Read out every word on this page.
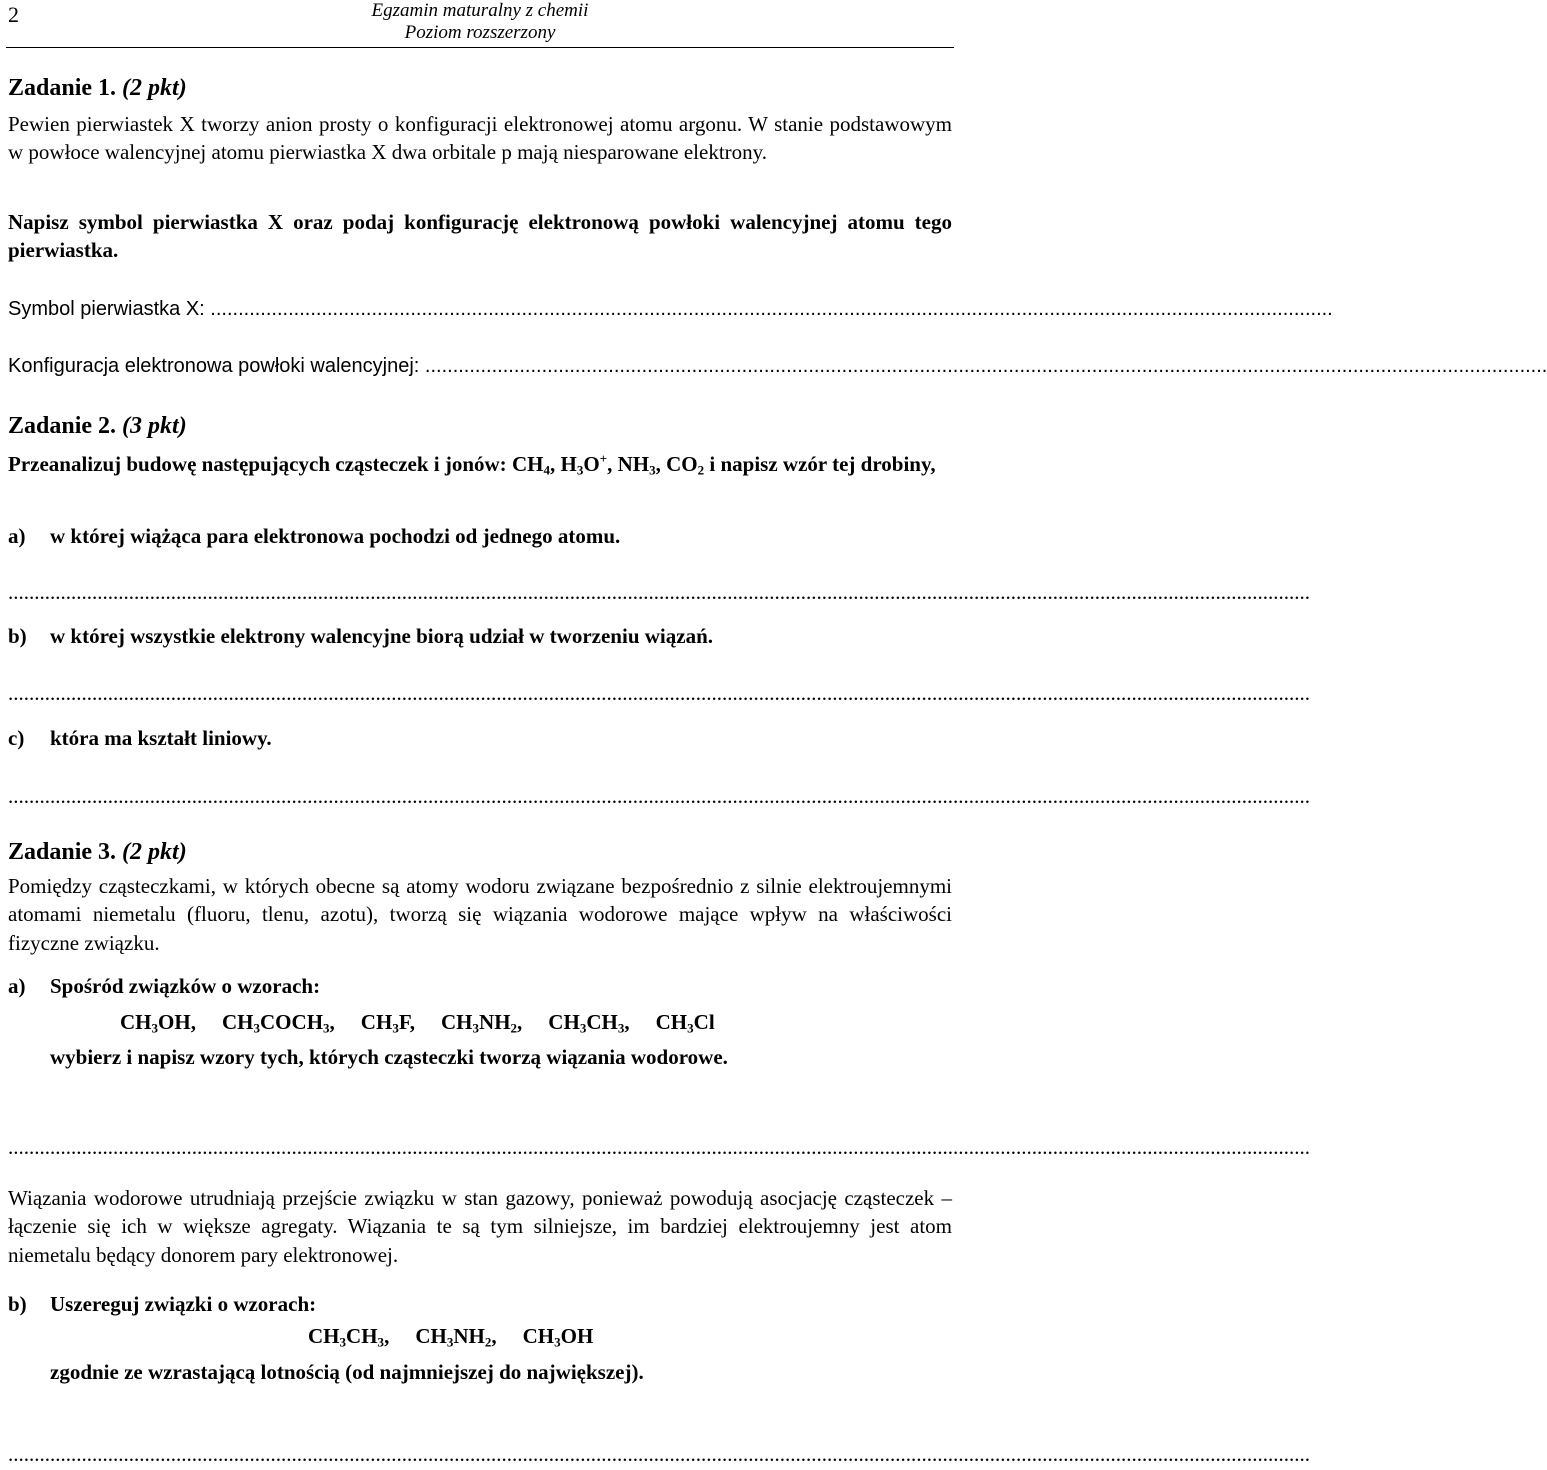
2	Egzamin maturalny z chemii
Poziom rozszerzony
Zadanie 1. (2 pkt)
Pewien pierwiastek X tworzy anion prosty o konfiguracji elektronowej atomu argonu. W stanie podstawowym w powłoce walencyjnej atomu pierwiastka X dwa orbitale p mają niesparowane elektrony.
Napisz symbol pierwiastka X oraz podaj konfigurację elektronową powłoki walencyjnej atomu tego pierwiastka.
Symbol pierwiastka X: ..........................................................................................................................................................................................................
Konfiguracja elektronowa powłoki walencyjnej: ..........................................................................................................................................................................................................
Zadanie 2. (3 pkt)
Przeanalizuj budowę następujących cząsteczek i jonów: $CH_4$, $H_3O^+$, $NH_3$, $CO_2$ i napisz wzór tej drobiny,
a) w której wiążąca para elektronowa pochodzi od jednego atomu.
.....
b) w której wszystkie elektrony walencyjne biorą udział w tworzeniu wiązań.
.....
c) która ma kształt liniowy.
.....
Zadanie 3. (2 pkt)
Pomiędzy cząsteczkami, w których obecne są atomy wodoru związane bezpośrednio z silnie elektroujemnymi atomami niemetalu (fluoru, tlenu, azotu), tworzą się wiązania wodorowe mające wpływ na właściwości fizyczne związku.
a) Spośród związków o wzorach:
$CH_3OH$, $CH_3COCH_3$, $CH_3F$, $CH_3NH_2$, $CH_3CH_3$, $CH_3Cl$
wybierz i napisz wzory tych, których cząsteczki tworzą wiązania wodorowe.
.....
Wiązania wodorowe utrudniają przejście związku w stan gazowy, ponieważ powodują asocjację cząsteczek – łączenie się ich w większe agregaty. Wiązania te są tym silniejsze, im bardziej elektroujemny jest atom niemetalu będący donorem pary elektronowej.
b) Uszereguj związki o wzorach:
$CH_3CH_3$, $CH_3NH_2$, $CH_3OH$
zgodnie ze wzrastającą lotnością (od najmniejszej do największej).
.....
